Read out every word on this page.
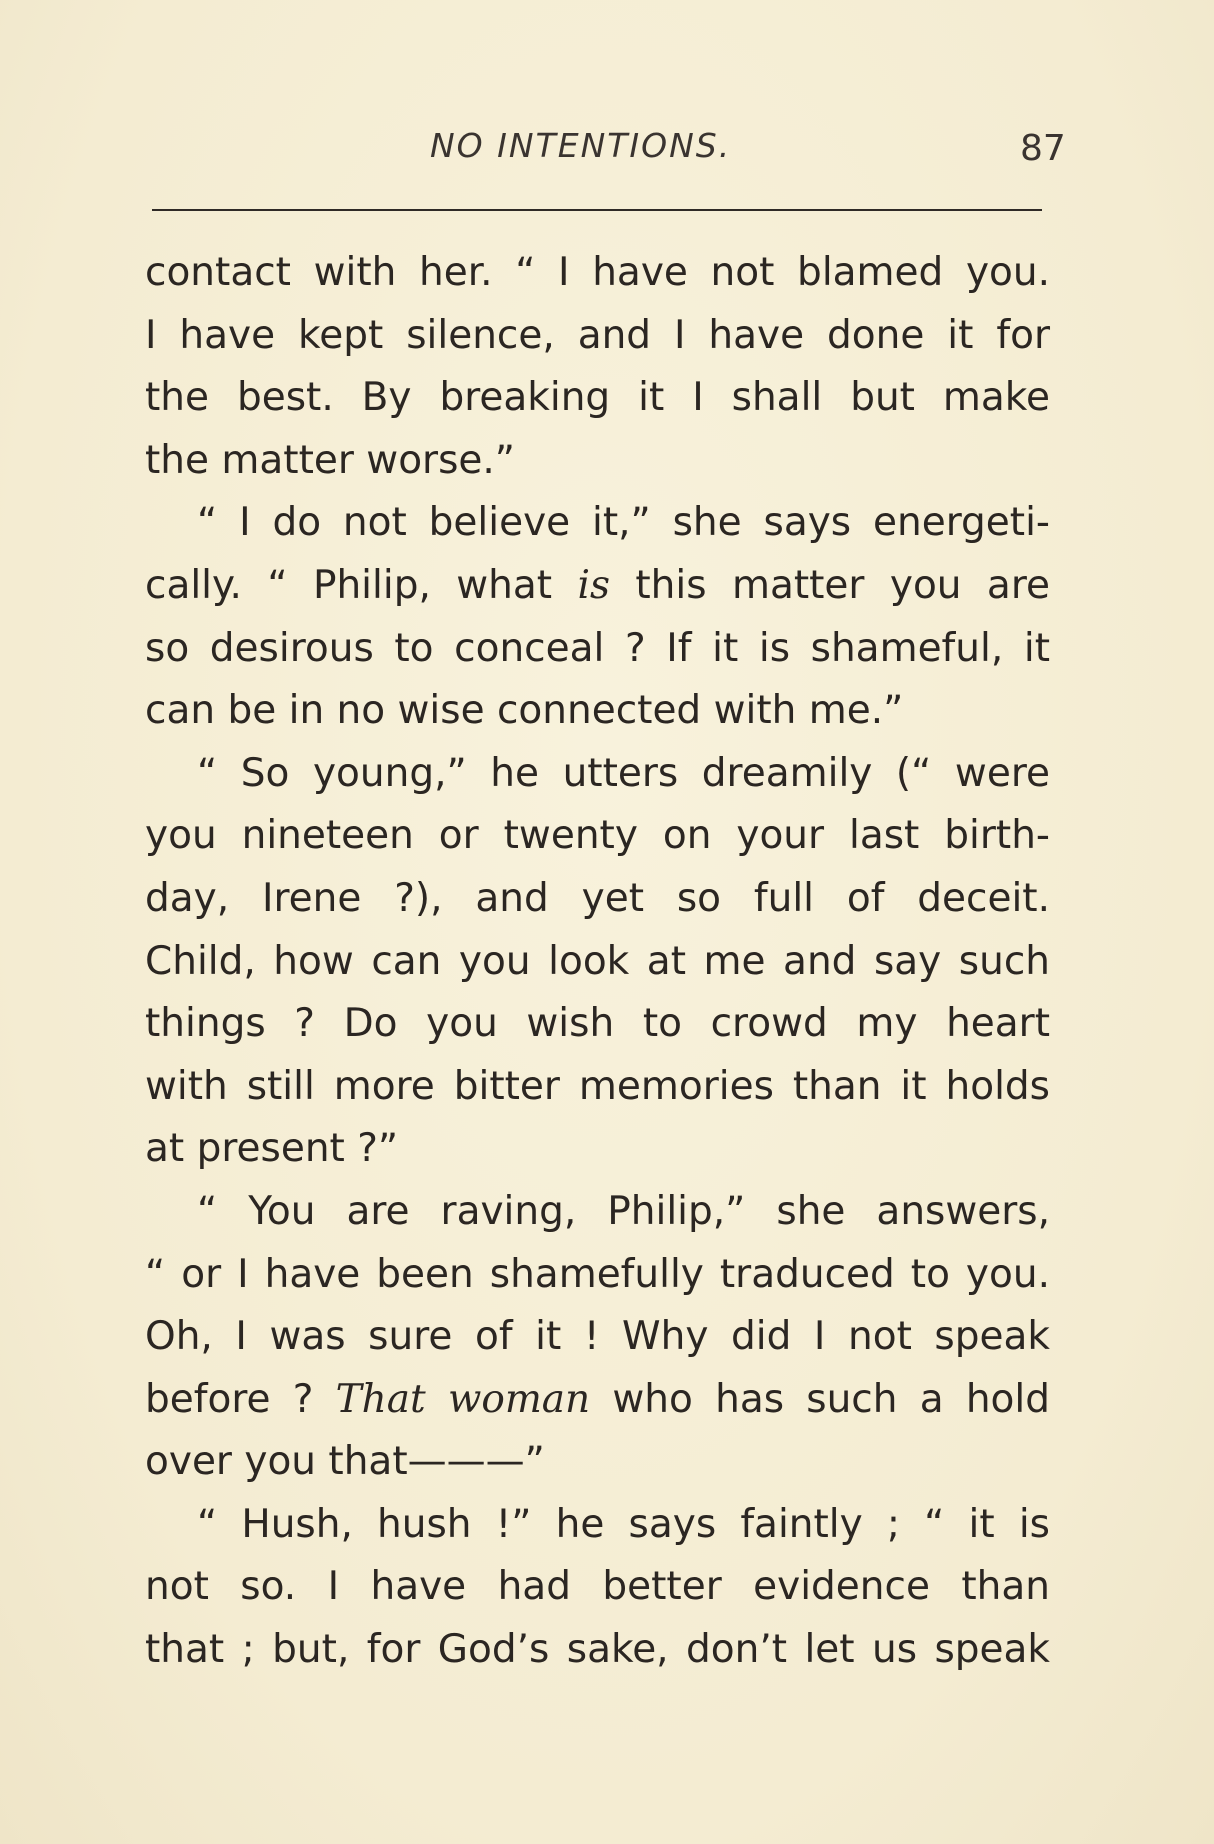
NO INTENTIONS.	87
contact with her. “ I have not blamed you.
I have kept silence, and I have done it for
the best. By breaking it I shall but make
the matter worse.”
“ I do not believe it,” she says energeti-
cally. “ Philip, what is this matter you are
so desirous to conceal ? If it is shameful, it
can be in no wise connected with me.”
“ So young,” he utters dreamily (“ were
you nineteen or twenty on your last birth-
day, Irene ?), and yet so full of deceit.
Child, how can you look at me and say such
things ? Do you wish to crowd my heart
with still more bitter memories than it holds
at present ?”
“ You are raving, Philip,” she answers,
“ or I have been shamefully traduced to you.
Oh, I was sure of it ! Why did I not speak
before ? That woman who has such a hold
over you that———”
“ Hush, hush !” he says faintly ; “ it is
not so. I have had better evidence than
that ; but, for God’s sake, don’t let us speak
